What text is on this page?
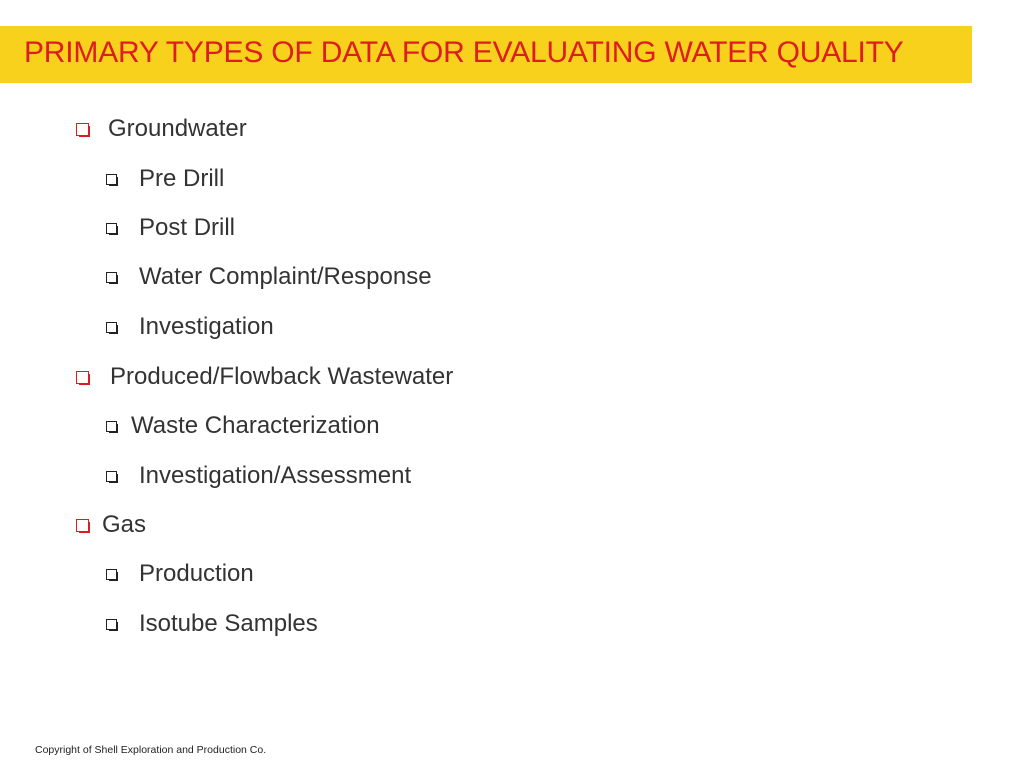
PRIMARY TYPES OF DATA FOR EVALUATING WATER QUALITY
Groundwater
Pre Drill
Post Drill
Water Complaint/Response
Investigation
Produced/Flowback Wastewater
Waste Characterization
Investigation/Assessment
Gas
Production
Isotube Samples
Copyright of Shell Exploration and Production Co.
